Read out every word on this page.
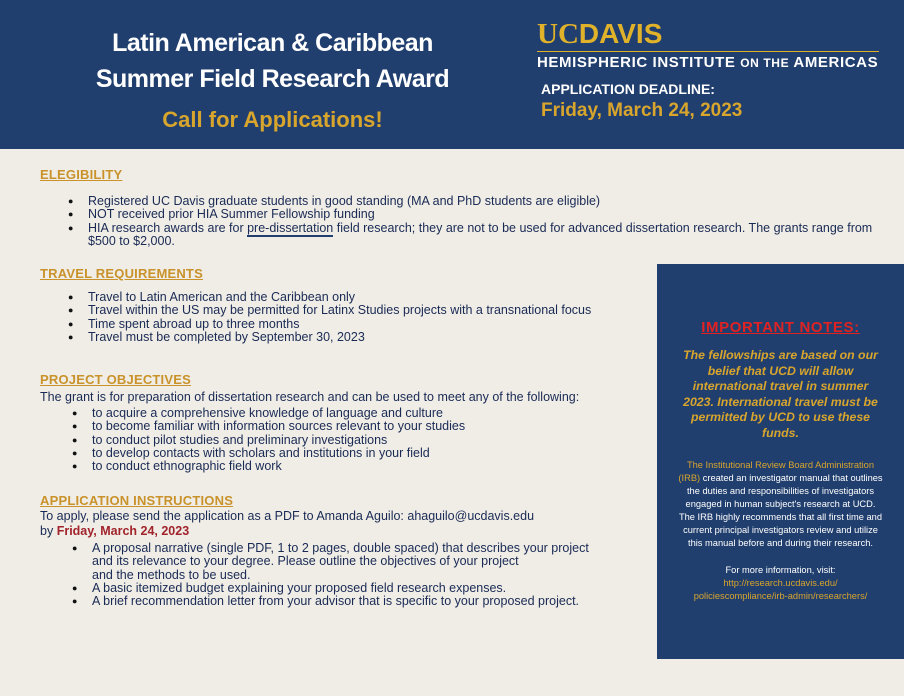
Latin American & Caribbean
Summer Field Research Award
Call for Applications!
UCDAVIS
HEMISPHERIC INSTITUTE ON THE AMERICAS
APPLICATION DEADLINE:
Friday, March 24, 2023
ELEGIBILITY
● Registered UC Davis graduate students in good standing (MA and PhD students are eligible)
● NOT received prior HIA Summer Fellowship funding
● HIA research awards are for pre-dissertation field research; they are not to be used for advanced dissertation research. The grants range from $500 to $2,000.
TRAVEL REQUIREMENTS
● Travel to Latin American and the Caribbean only
● Travel within the US may be permitted for Latinx Studies projects with a transnational focus
● Time spent abroad up to three months
● Travel must be completed by September 30, 2023
PROJECT OBJECTIVES
The grant is for preparation of dissertation research and can be used to meet any of the following:
● to acquire a comprehensive knowledge of language and culture
● to become familiar with information sources relevant to your studies
● to conduct pilot studies and preliminary investigations
● to develop contacts with scholars and institutions in your field
● to conduct ethnographic field work
APPLICATION INSTRUCTIONS
To apply, please send the application as a PDF to Amanda Aguilo: ahaguilo@ucdavis.edu
by Friday, March 24, 2023
● A proposal narrative (single PDF, 1 to 2 pages, double spaced) that describes your project
and its relevance to your degree. Please outline the objectives of your project
and the methods to be used.
● A basic itemized budget explaining your proposed field research expenses.
● A brief recommendation letter from your advisor that is specific to your proposed project.
IMPORTANT NOTES:
The fellowships are based on our belief that UCD will allow international travel in summer 2023. International travel must be permitted by UCD to use these funds.
The Institutional Review Board Administration
(IRB) created an investigator manual that outlines the duties and responsibilities of investigators engaged in human subject's research at UCD. The IRB highly recommends that all first time and current principal investigators review and utilize this manual before and during their research.
For more information, visit:
http://research.ucdavis.edu/
policiescompliance/irb-admin/researchers/
